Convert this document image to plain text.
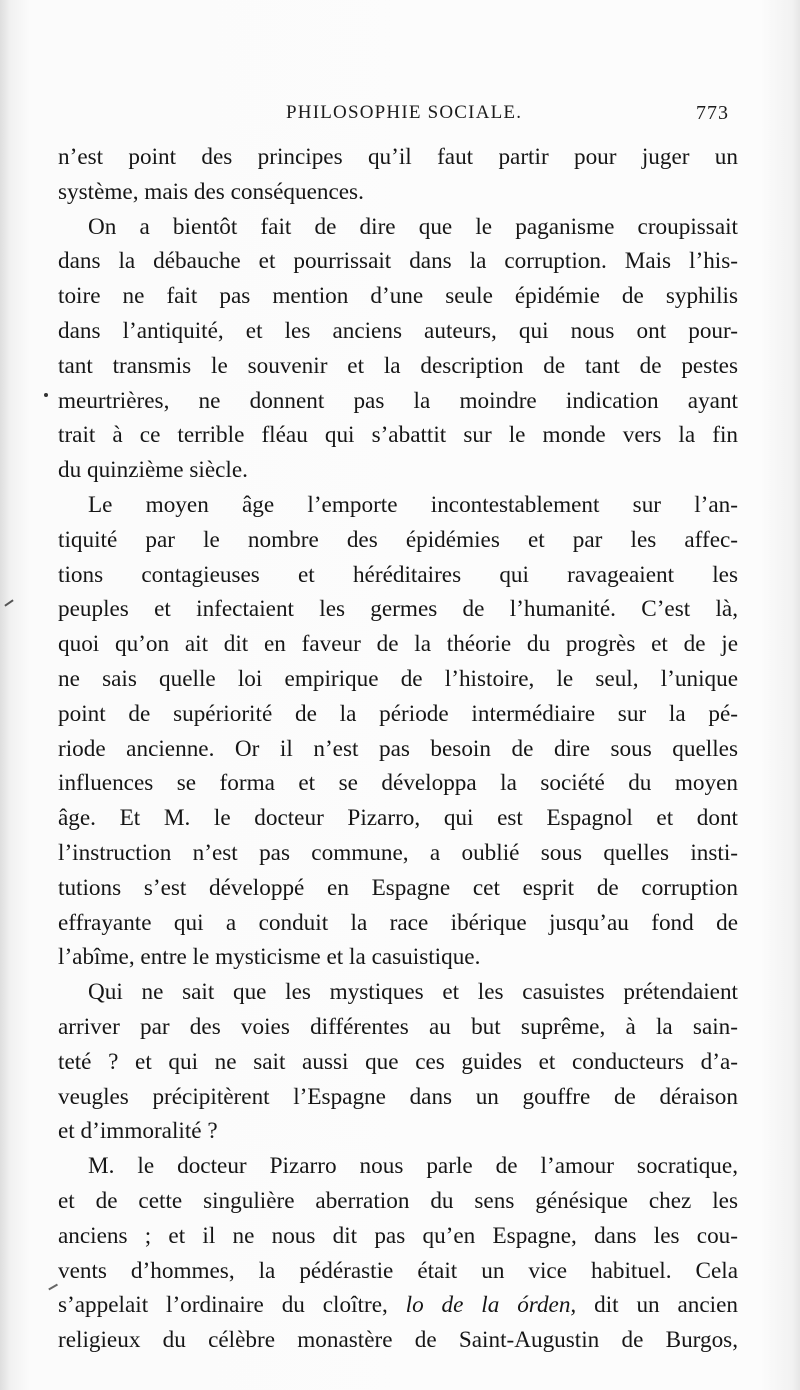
PHILOSOPHIE SOCIALE.	773
n’est point des principes qu’il faut partir pour juger un
système, mais des conséquences.
On a bientôt fait de dire que le paganisme croupissait
dans la débauche et pourrissait dans la corruption. Mais l’his-
toire ne fait pas mention d’une seule épidémie de syphilis
dans l’antiquité, et les anciens auteurs, qui nous ont pour-
tant transmis le souvenir et la description de tant de pestes
meurtrières, ne donnent pas la moindre indication ayant
trait à ce terrible fléau qui s’abattit sur le monde vers la fin
du quinzième siècle.
Le moyen âge l’emporte incontestablement sur l’an-
tiquité par le nombre des épidémies et par les affec-
tions contagieuses et héréditaires qui ravageaient les
peuples et infectaient les germes de l’humanité. C’est là,
quoi qu’on ait dit en faveur de la théorie du progrès et de je
ne sais quelle loi empirique de l’histoire, le seul, l’unique
point de supériorité de la période intermédiaire sur la pé-
riode ancienne. Or il n’est pas besoin de dire sous quelles
influences se forma et se développa la société du moyen
âge. Et M. le docteur Pizarro, qui est Espagnol et dont
l’instruction n’est pas commune, a oublié sous quelles insti-
tutions s’est développé en Espagne cet esprit de corruption
effrayante qui a conduit la race ibérique jusqu’au fond de
l’abîme, entre le mysticisme et la casuistique.
Qui ne sait que les mystiques et les casuistes prétendaient
arriver par des voies différentes au but suprême, à la sain-
teté ? et qui ne sait aussi que ces guides et conducteurs d’a-
veugles précipitèrent l’Espagne dans un gouffre de déraison
et d’immoralité ?
M. le docteur Pizarro nous parle de l’amour socratique,
et de cette singulière aberration du sens génésique chez les
anciens ; et il ne nous dit pas qu’en Espagne, dans les cou-
vents d’hommes, la pédérastie était un vice habituel. Cela
s’appelait l’ordinaire du cloître, lo de la órden, dit un ancien
religieux du célèbre monastère de Saint-Augustin de Burgos,
